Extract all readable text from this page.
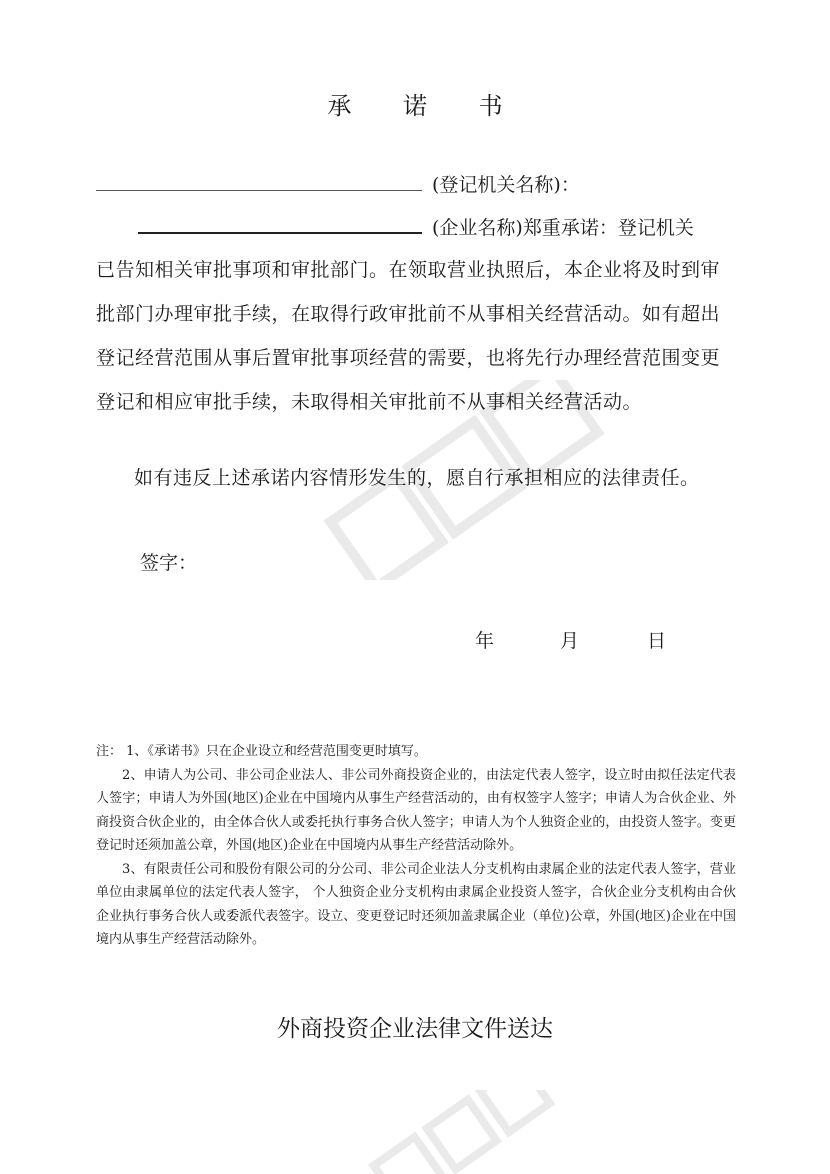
承 诺 书
(登记机关名称)：
(企业名称)郑重承诺：登记机关
已告知相关审批事项和审批部门。在领取营业执照后，本企业将及时到审批部门办理审批手续，在取得行政审批前不从事相关经营活动。如有超出登记经营范围从事后置审批事项经营的需要，也将先行办理经营范围变更登记和相应审批手续，未取得相关审批前不从事相关经营活动。
如有违反上述承诺内容情形发生的，愿自行承担相应的法律责任。
签字：
年	月	日

注： 1、《承诺书》只在企业设立和经营范围变更时填写。

2、申请人为公司、非公司企业法人、非公司外商投资企业的，由法定代表人签字，设立时由拟任法定代表人签字；申请人为外国(地区)企业在中国境内从事生产经营活动的，由有权签字人签字；申请人为合伙企业、外商投资合伙企业的，由全体合伙人或委托执行事务合伙人签字；申请人为个人独资企业的，由投资人签字。变更登记时还须加盖公章，外国(地区)企业在中国境内从事生产经营活动除外。

3、有限责任公司和股份有限公司的分公司、非公司企业法人分支机构由隶属企业的法定代表人签字，营业单位由隶属单位的法定代表人签字， 个人独资企业分支机构由隶属企业投资人签字，合伙企业分支机构由合伙企业执行事务合伙人或委派代表签字。设立、变更登记时还须加盖隶属企业（单位)公章，外国(地区)企业在中国境内从事生产经营活动除外。

外商投资企业法律文件送达
